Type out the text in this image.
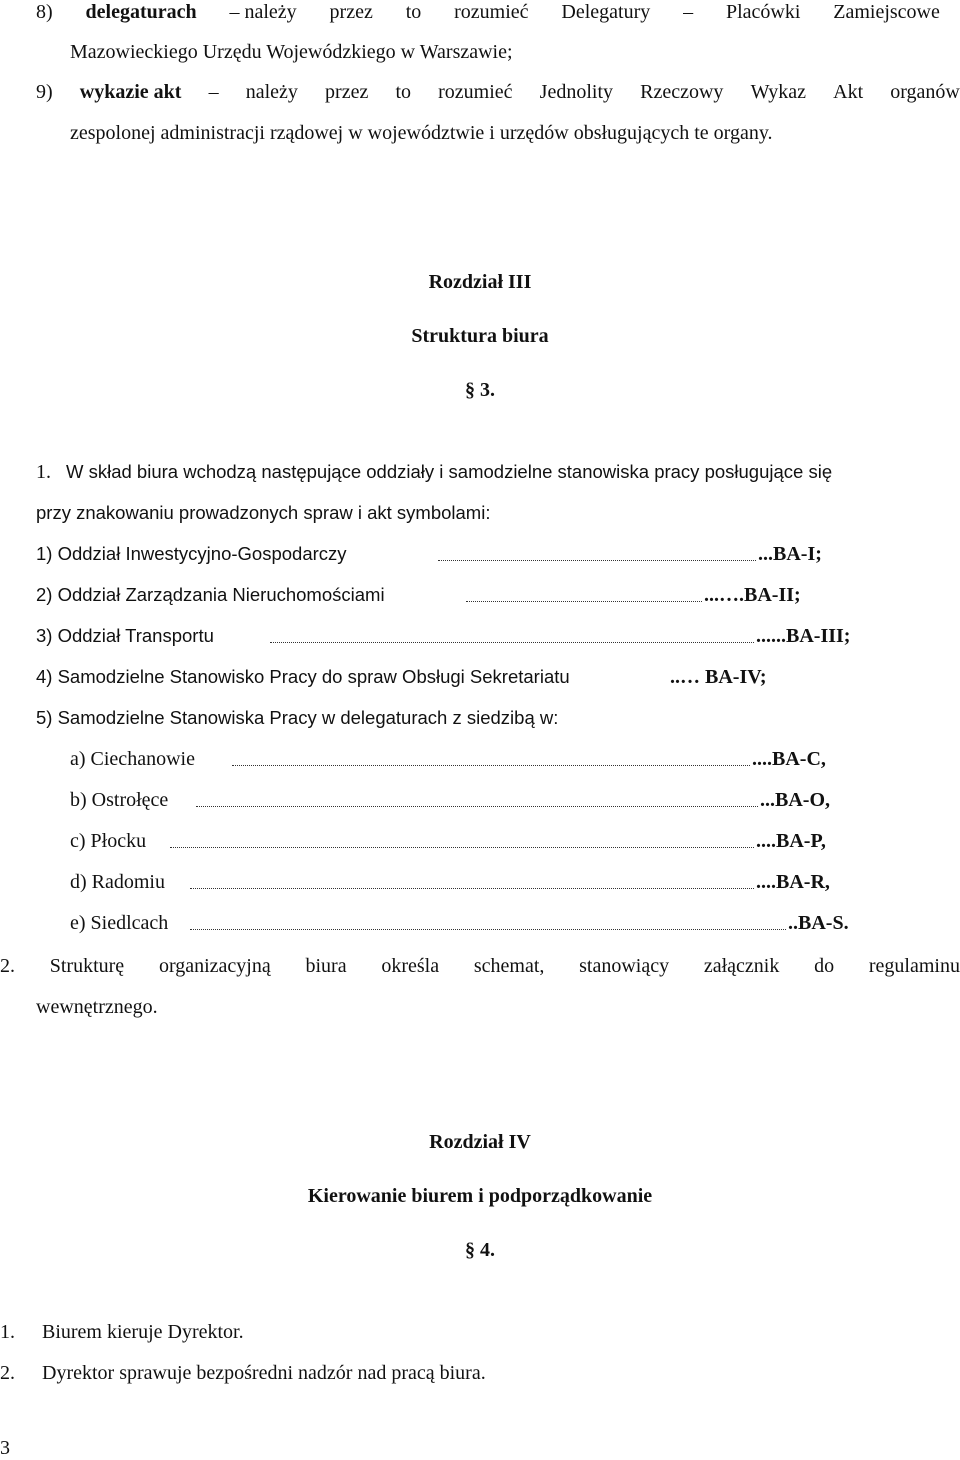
8) delegaturach – należy przez to rozumieć Delegatury – Placówki Zamiejscowe
Mazowieckiego Urzędu Wojewódzkiego w Warszawie;
9) wykazie akt – należy przez to rozumieć Jednolity Rzeczowy Wykaz Akt organów
zespolonej administracji rządowej w województwie i urzędów obsługujących te organy.
Rozdział III
Struktura biura
§ 3.
1. W skład biura wchodzą następujące oddziały i samodzielne stanowiska pracy posługujące się
przy znakowaniu prowadzonych spraw i akt symbolami:
1) Oddział Inwestycyjno-Gospodarczy	...BA-I;
2) Oddział Zarządzania Nieruchomościami	...….BA-II;
3) Oddział Transportu	......BA-III;
4) Samodzielne Stanowisko Pracy do spraw Obsługi Sekretariatu	..… BA-IV;
5) Samodzielne Stanowiska Pracy w delegaturach z siedzibą w:
a) Ciechanowie	....BA-C,
b) Ostrołęce	...BA-O,
c) Płocku	....BA-P,
d) Radomiu	....BA-R,
e) Siedlcach	..BA-S.
2. Strukturę organizacyjną biura określa schemat, stanowiący załącznik do regulaminu
wewnętrznego.
Rozdział IV
Kierowanie biurem i podporządkowanie
§ 4.
1. Biurem kieruje Dyrektor.
2. Dyrektor sprawuje bezpośredni nadzór nad pracą biura.
3
